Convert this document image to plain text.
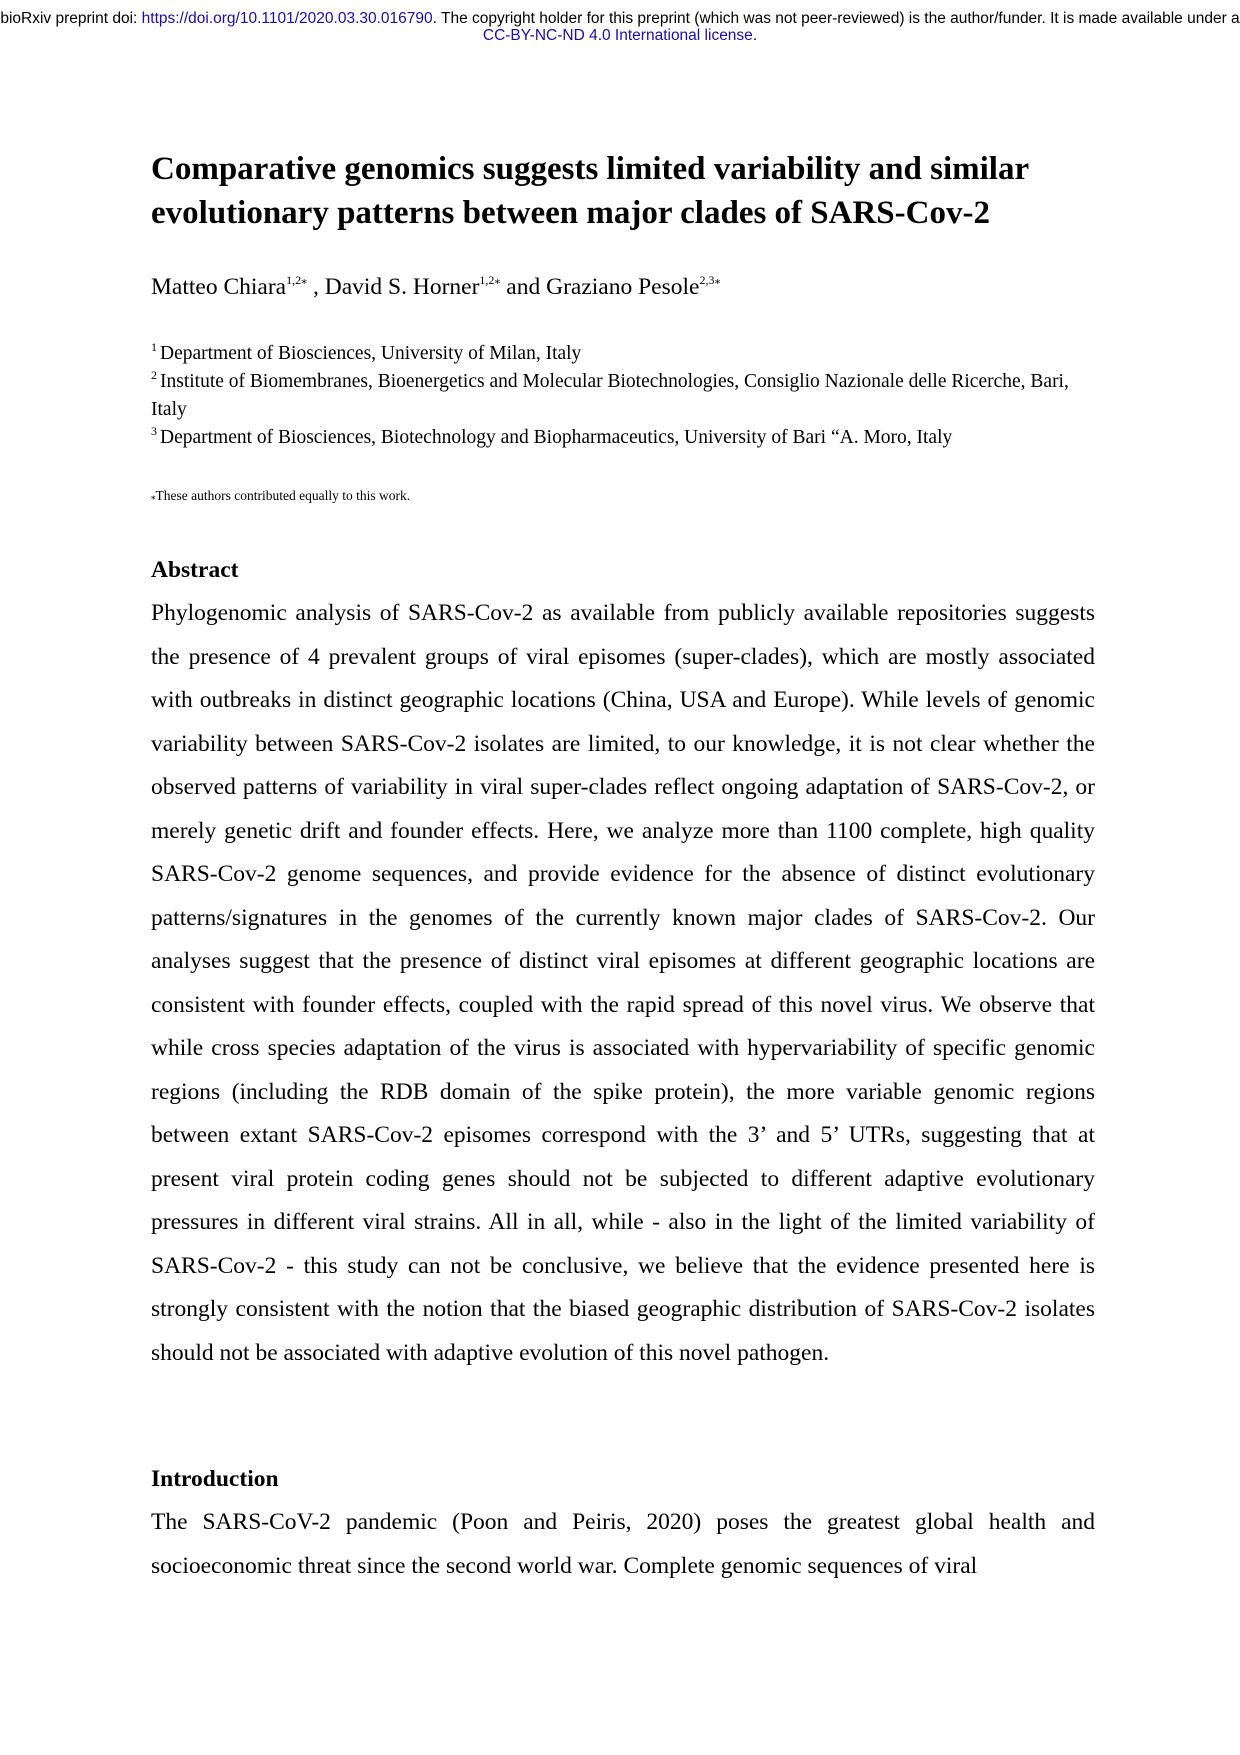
bioRxiv preprint doi: https://doi.org/10.1101/2020.03.30.016790. The copyright holder for this preprint (which was not peer-reviewed) is the author/funder. It is made available under a CC-BY-NC-ND 4.0 International license.
Comparative genomics suggests limited variability and similar evolutionary patterns between major clades of SARS-Cov-2
Matteo Chiara$^{1,2⁎}$ , David S. Horner$^{1,2⁎}$ and Graziano Pesole$^{2,3⁎}$

$^1$ Department of Biosciences, University of Milan, Italy

$^2$ Institute of Biomembranes, Bioenergetics and Molecular Biotechnologies, Consiglio Nazionale delle Ricerche, Bari, Italy

$^3$ Department of Biosciences, Biotechnology and Biopharmaceutics, University of Bari “A. Moro, Italy

⁎These authors contributed equally to this work.
Abstract

Phylogenomic analysis of SARS-Cov-2 as available from publicly available repositories suggests the presence of 4 prevalent groups of viral episomes (super-clades), which are mostly associated with outbreaks in distinct geographic locations (China, USA and Europe). While levels of genomic variability between SARS-Cov-2 isolates are limited, to our knowledge, it is not clear whether the observed patterns of variability in viral super-clades reflect ongoing adaptation of SARS-Cov-2, or merely genetic drift and founder effects. Here, we analyze more than 1100 complete, high quality SARS-Cov-2 genome sequences, and provide evidence for the absence of distinct evolutionary patterns/signatures in the genomes of the currently known major clades of SARS-Cov-2. Our analyses suggest that the presence of distinct viral episomes at different geographic locations are consistent with founder effects, coupled with the rapid spread of this novel virus. We observe that while cross species adaptation of the virus is associated with hypervariability of specific genomic regions (including the RDB domain of the spike protein), the more variable genomic regions between extant SARS-Cov-2 episomes correspond with the 3’ and 5’ UTRs, suggesting that at present viral protein coding genes should not be subjected to different adaptive evolutionary pressures in different viral strains. All in all, while - also in the light of the limited variability of SARS-Cov-2 - this study can not be conclusive, we believe that the evidence presented here is strongly consistent with the notion that the biased geographic distribution of SARS-Cov-2 isolates should not be associated with adaptive evolution of this novel pathogen.

Introduction

The SARS-CoV-2 pandemic (Poon and Peiris, 2020) poses the greatest global health and socioeconomic threat since the second world war. Complete genomic sequences of viral
